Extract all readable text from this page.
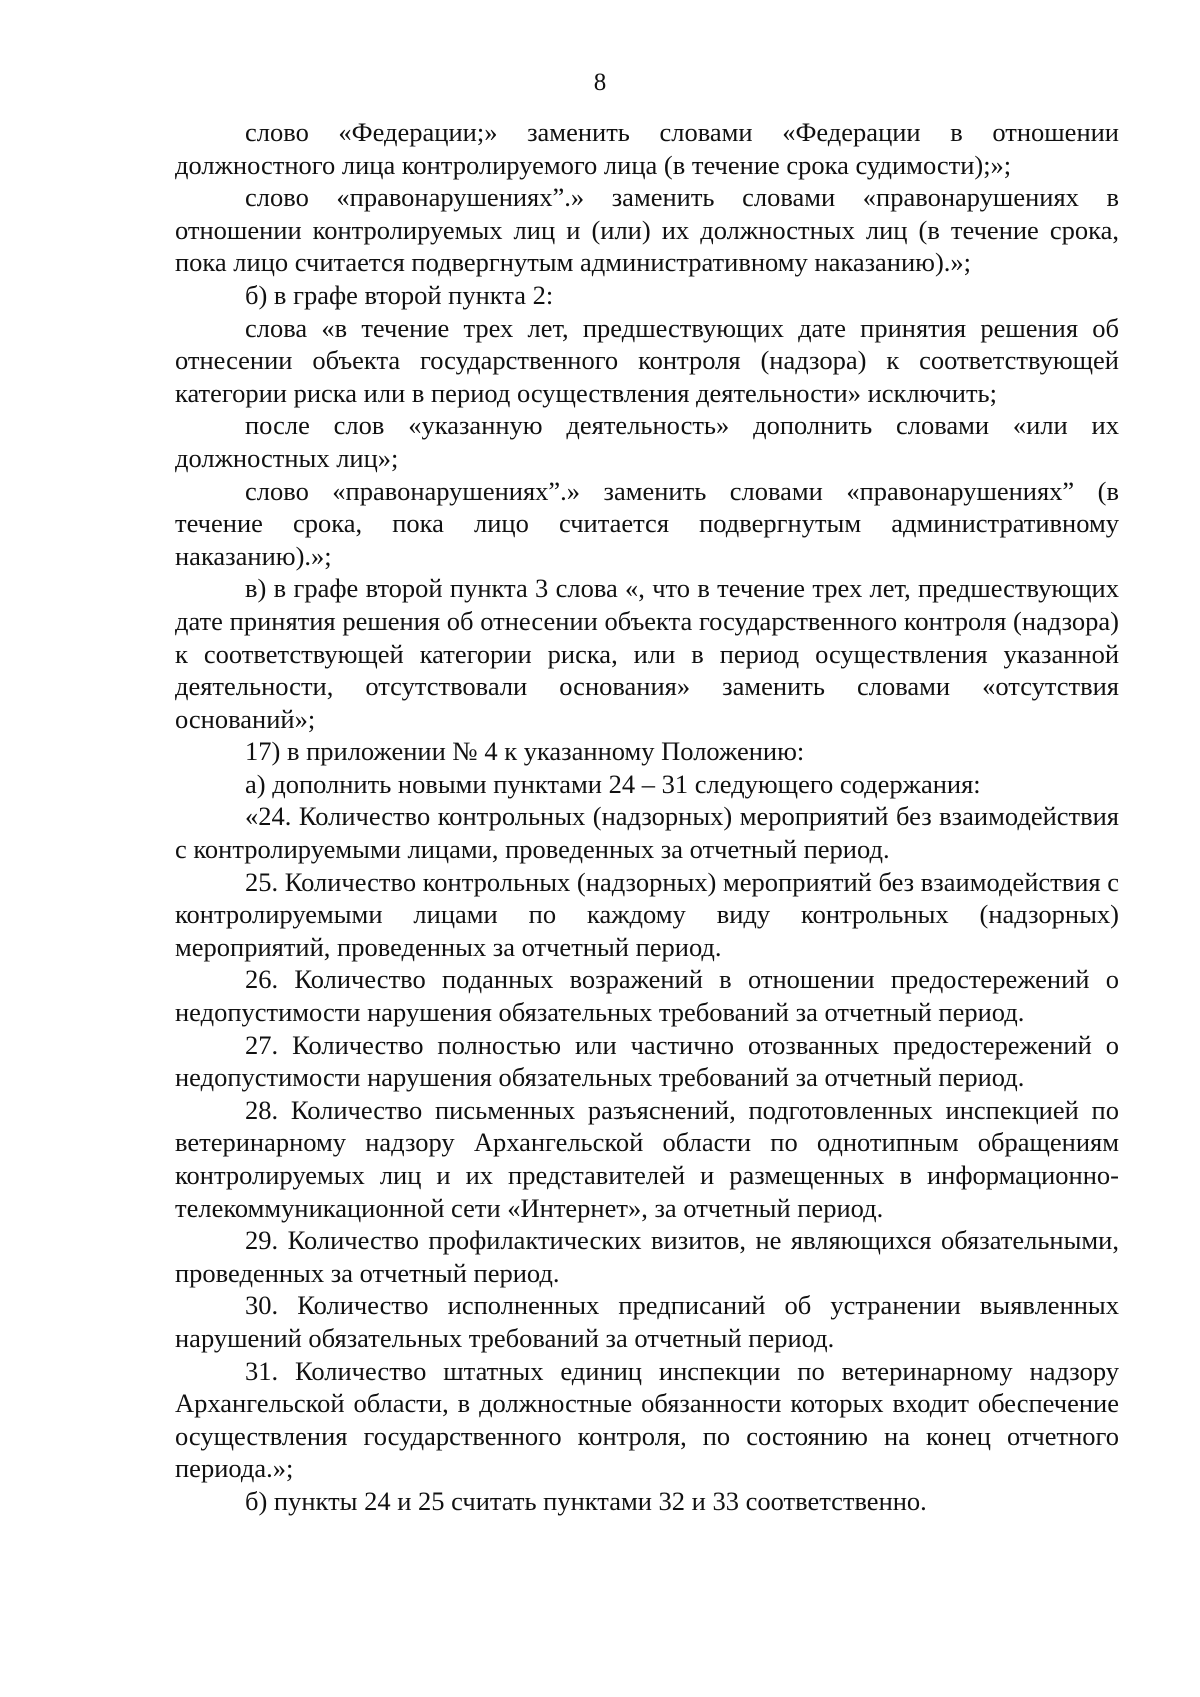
8

слово «Федерации;» заменить словами «Федерации в отношении должностного лица контролируемого лица (в течение срока судимости);»;

слово «правонарушениях”.» заменить словами «правонарушениях в отношении контролируемых лиц и (или) их должностных лиц (в течение срока, пока лицо считается подвергнутым административному наказанию).»;

б) в графе второй пункта 2:

слова «в течение трех лет, предшествующих дате принятия решения об отнесении объекта государственного контроля (надзора) к соответствующей категории риска или в период осуществления деятельности» исключить;

после слов «указанную деятельность» дополнить словами «или их должностных лиц»;

слово «правонарушениях”.» заменить словами «правонарушениях” (в течение срока, пока лицо считается подвергнутым административному наказанию).»;

в) в графе второй пункта 3 слова «, что в течение трех лет, предшествующих дате принятия решения об отнесении объекта государственного контроля (надзора) к соответствующей категории риска, или в период осуществления указанной деятельности, отсутствовали основания» заменить словами «отсутствия оснований»;

17) в приложении № 4 к указанному Положению:

а) дополнить новыми пунктами 24 – 31 следующего содержания:

«24. Количество контрольных (надзорных) мероприятий без взаимодействия с контролируемыми лицами, проведенных за отчетный период.

25. Количество контрольных (надзорных) мероприятий без взаимодействия с контролируемыми лицами по каждому виду контрольных (надзорных) мероприятий, проведенных за отчетный период.

26. Количество поданных возражений в отношении предостережений о недопустимости нарушения обязательных требований за отчетный период.

27. Количество полностью или частично отозванных предостережений о недопустимости нарушения обязательных требований за отчетный период.

28. Количество письменных разъяснений, подготовленных инспекцией по ветеринарному надзору Архангельской области по однотипным обращениям контролируемых лиц и их представителей и размещенных в информационно-телекоммуникационной сети «Интернет», за отчетный период.

29. Количество профилактических визитов, не являющихся обязательными, проведенных за отчетный период.

30. Количество исполненных предписаний об устранении выявленных нарушений обязательных требований за отчетный период.

31. Количество штатных единиц инспекции по ветеринарному надзору Архангельской области, в должностные обязанности которых входит обеспечение осуществления государственного контроля, по состоянию на конец отчетного периода.»;

б) пункты 24 и 25 считать пунктами 32 и 33 соответственно.
